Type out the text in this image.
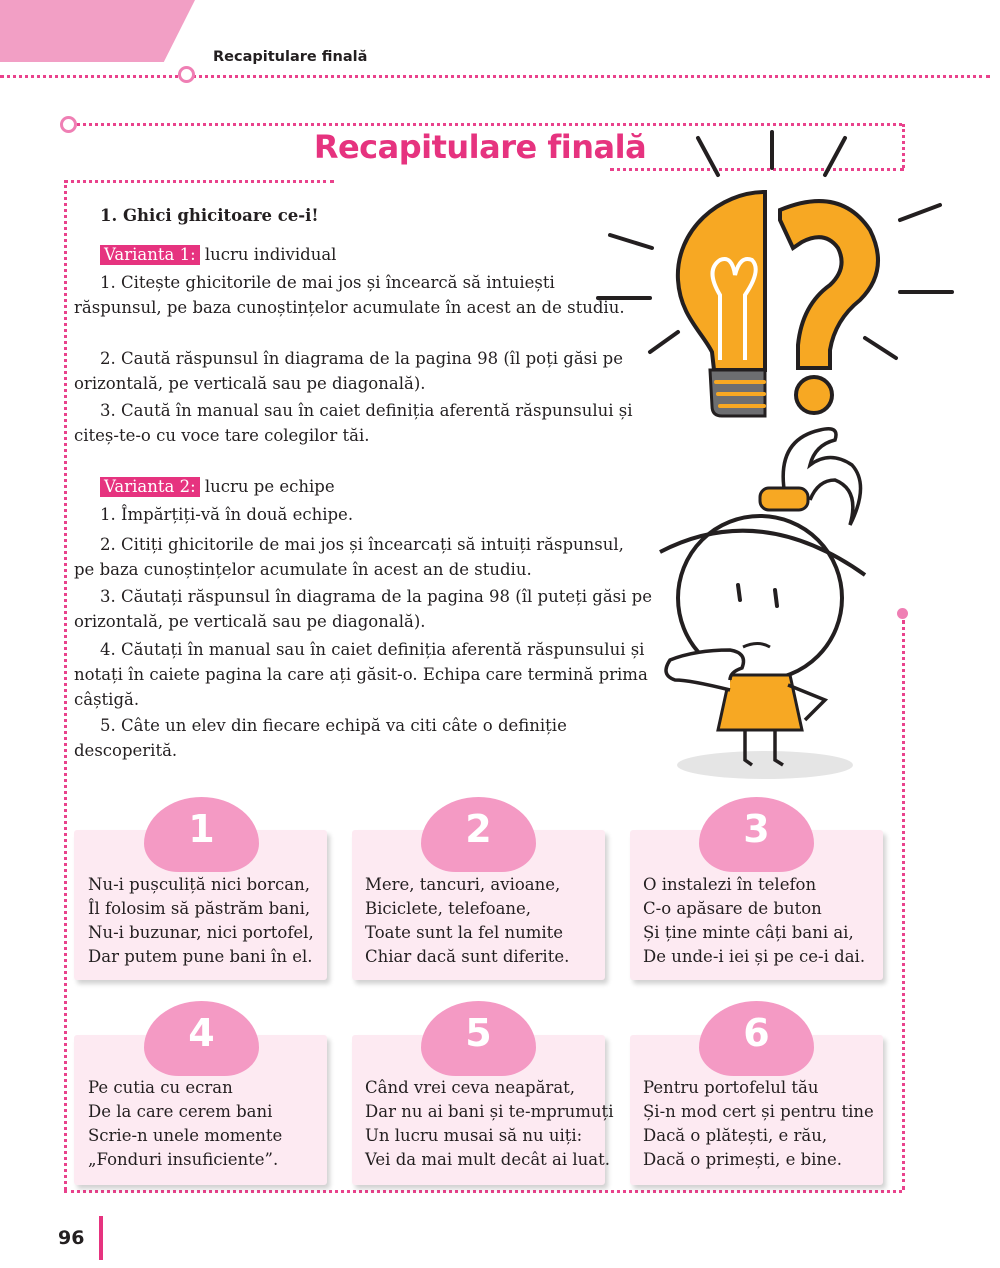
Recapitulare finală
Recapitulare finală
1. Ghici ghicitoare ce-i!
Varianta 1: lucru individual
1. Citește ghicitorile de mai jos și încearcă să intuiești răspunsul, pe baza cunoștințelor acumulate în acest an de studiu.
2. Caută răspunsul în diagrama de la pagina 98 (îl poți găsi pe orizontală, pe verticală sau pe diagonală).
3. Caută în manual sau în caiet definiția aferentă răspunsului și citeș-te-o cu voce tare colegilor tăi.
Varianta 2: lucru pe echipe
1. Împărțiți-vă în două echipe.
2. Citiți ghicitorile de mai jos și încearcați să intuiți răspunsul, pe baza cunoștințelor acumulate în acest an de studiu.
3. Căutați răspunsul în diagrama de la pagina 98 (îl puteți găsi pe orizontală, pe verticală sau pe diagonală).
4. Căutați în manual sau în caiet definiția aferentă răspunsului și notați în caiete pagina la care ați găsit-o. Echipa care termină prima câștigă.
5. Câte un elev din fiecare echipă va citi câte o definiție descoperită.
1
Nu-i pușculiță nici borcan,
Îl folosim să păstrăm bani,
Nu-i buzunar, nici portofel,
Dar putem pune bani în el.
2
Mere, tancuri, avioane,
Biciclete, telefoane,
Toate sunt la fel numite
Chiar dacă sunt diferite.
3
O instalezi în telefon
C-o apăsare de buton
Și ține minte câți bani ai,
De unde-i iei și pe ce-i dai.
4
Pe cutia cu ecran
De la care cerem bani
Scrie-n unele momente
„Fonduri insuficiente”.
5
Când vrei ceva neapărat,
Dar nu ai bani și te-mprumuți
Un lucru musai să nu uiți:
Vei da mai mult decât ai luat.
6
Pentru portofelul tău
Și-n mod cert și pentru tine
Dacă o plătești, e rău,
Dacă o primești, e bine.
96
